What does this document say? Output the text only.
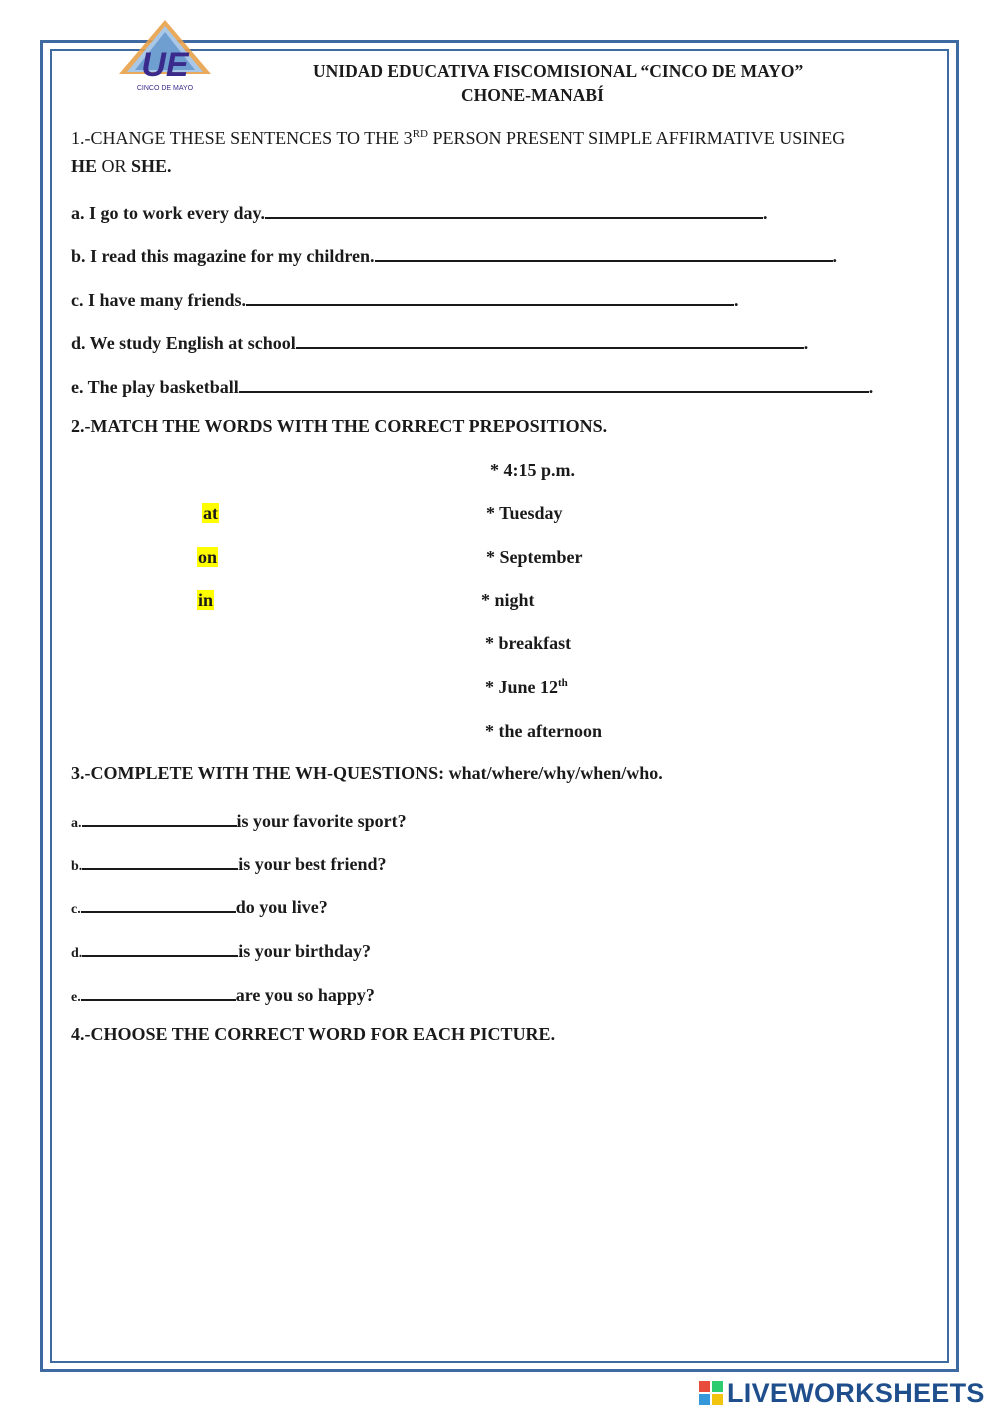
UE
CINCO DE MAYO
UNIDAD EDUCATIVA FISCOMISIONAL “CINCO DE MAYO”
CHONE-MANABÍ
1.-CHANGE THESE SENTENCES TO THE 3RD PERSON PRESENT SIMPLE AFFIRMATIVE USINEG
HE OR SHE.
a. I go to work every day.	.
b. I read this magazine for my children.	.
c. I have many friends.	.
d. We study English at school	.
e. The play basketball	.
2.-MATCH THE WORDS WITH THE CORRECT PREPOSITIONS.
at
on
in
* 4:15 p.m.
* Tuesday
* September
* night
* breakfast
* June 12th
* the afternoon
3.-COMPLETE WITH THE WH-QUESTIONS: what/where/why/when/who.
a.	is your favorite sport?
b.	is your best friend?
c.	do you live?
d.	is your birthday?
e.	are you so happy?
4.-CHOOSE THE CORRECT WORD FOR EACH PICTURE.
LIVEWORKSHEETS
